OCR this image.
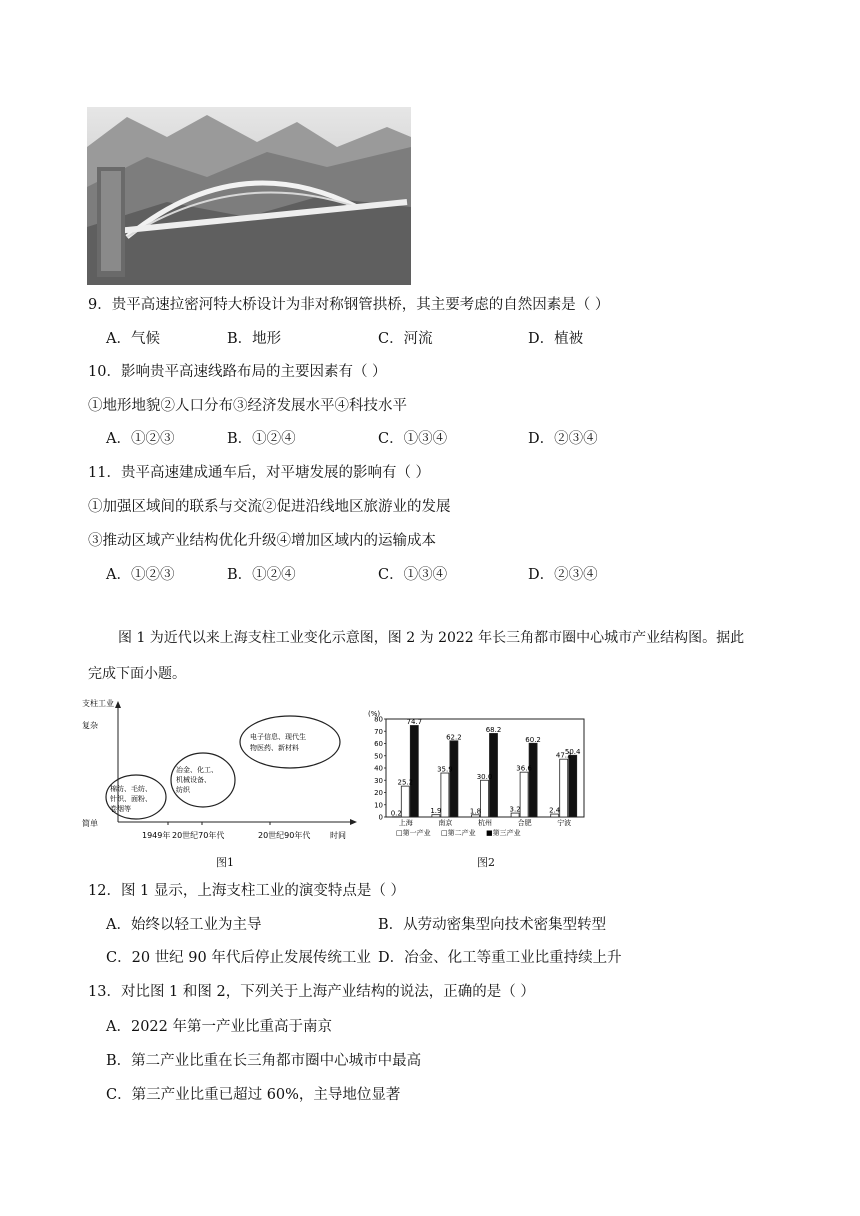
9．贵平高速拉密河特大桥设计为非对称钢管拱桥，其主要考虑的自然因素是（ ）
A．气候	B．地形	C．河流	D．植被
10．影响贵平高速线路布局的主要因素有（ ）
①地形地貌②人口分布③经济发展水平④科技水平
A．①②③	B．①②④	C．①③④	D．②③④
11．贵平高速建成通车后，对平塘发展的影响有（ ）
①加强区域间的联系与交流②促进沿线地区旅游业的发展
③推动区域产业结构优化升级④增加区域内的运输成本
A．①②③	B．①②④	C．①③④	D．②③④
图 1 为近代以来上海支柱工业变化示意图，图 2 为 2022 年长三角都市圈中心城市产业结构图。据此
完成下面小题。
支柱工业
复杂
简单
1949年 20世纪70年代	20世纪90年代 时间
棉纺、毛纺、
针织、面粉、
卷烟等
冶金、化工、
机械设备、
纺织
电子信息、现代生
物医药、新材料
图1
(%)
0
10
20
30
40
50
60
70
80
0.2
25.2
74.7
上海
1.9
35.9
62.2
南京
1.8
30.0
68.2
杭州
3.2
36.6
60.2
合肥
2.4
47.2
50.4
宁波
□第一产业 □第二产业 ■第三产业
图2
12．图 1 显示，上海支柱工业的演变特点是（ ）
A．始终以轻工业为主导	B．从劳动密集型向技术密集型转型
C．20 世纪 90 年代后停止发展传统工业 D．冶金、化工等重工业比重持续上升
13．对比图 1 和图 2，下列关于上海产业结构的说法，正确的是（ ）
A．2022 年第一产业比重高于南京
B．第二产业比重在长三角都市圈中心城市中最高
C．第三产业比重已超过 60%，主导地位显著
